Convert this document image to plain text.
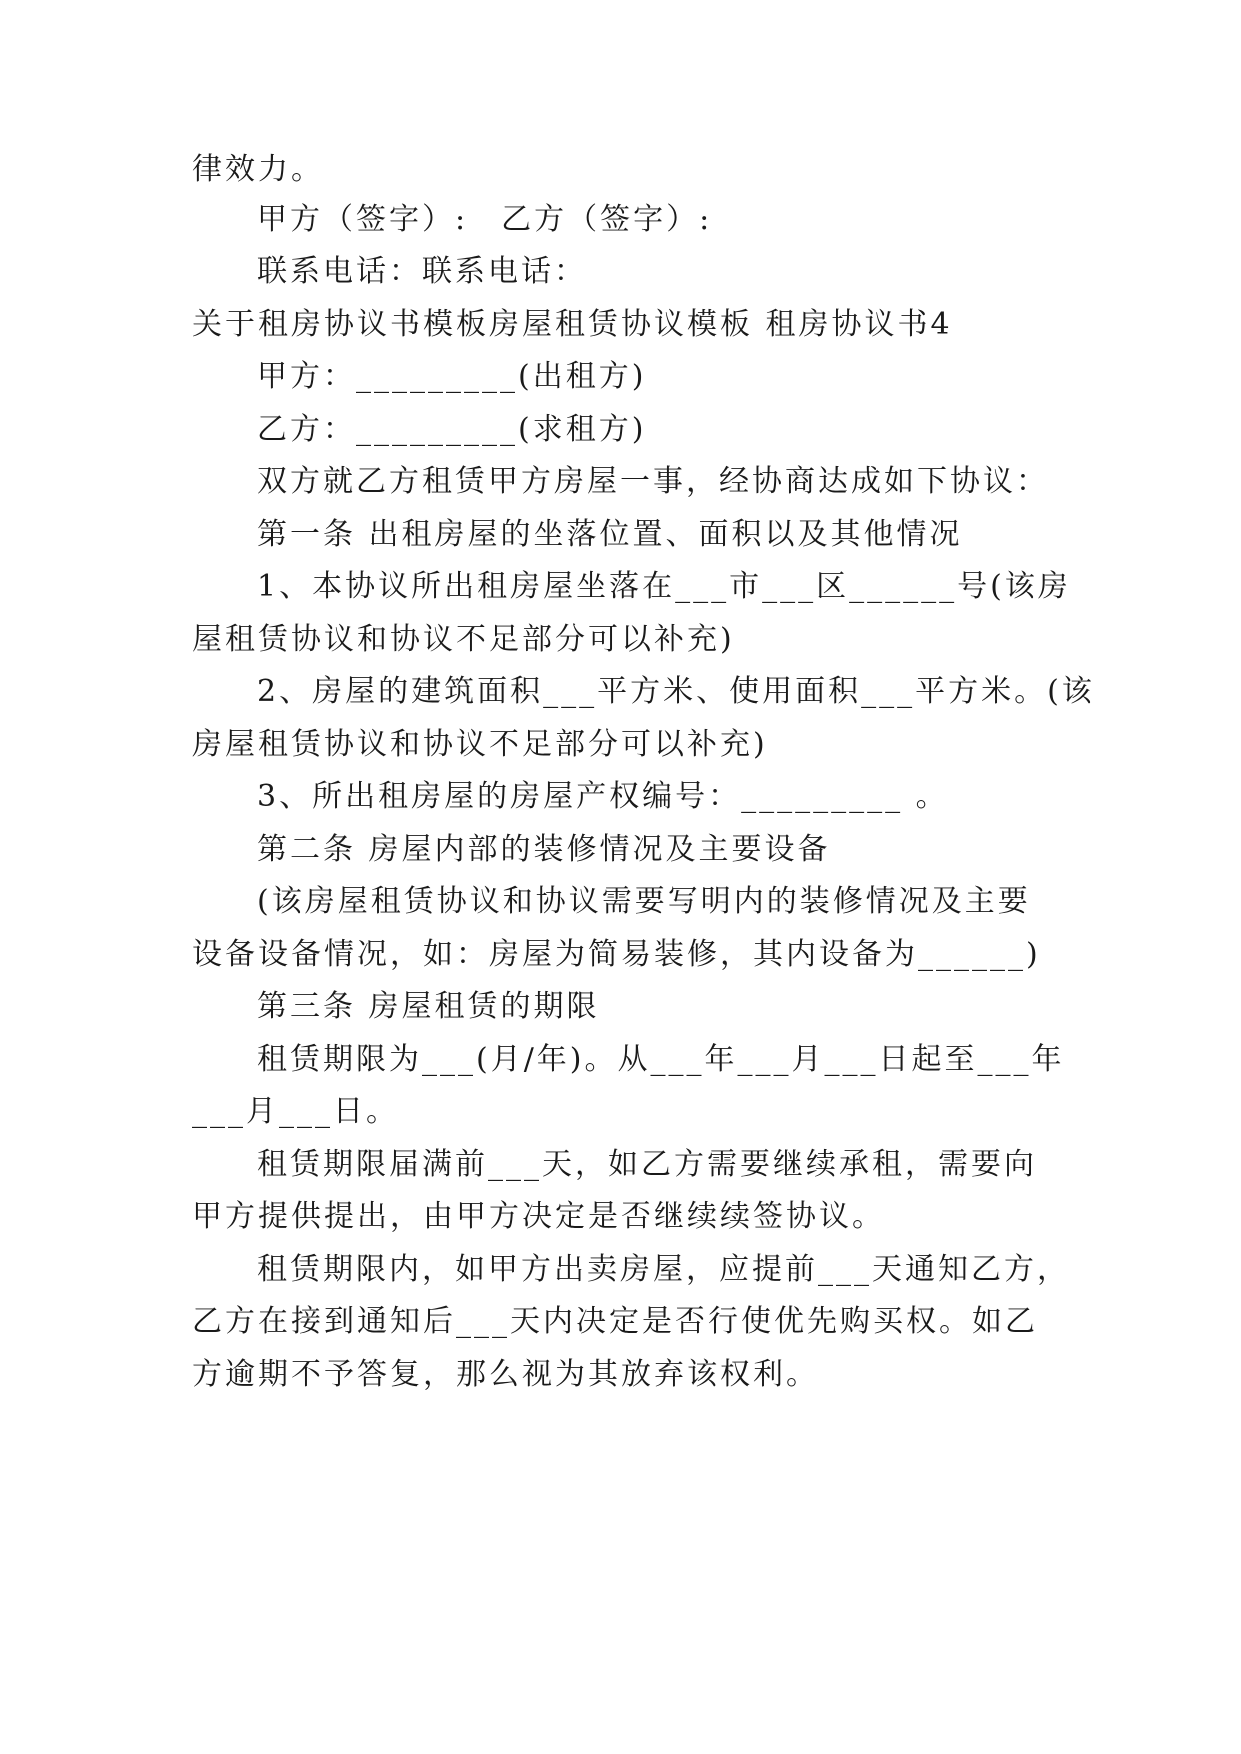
律效力。
甲方（签字）:　乙方（签字）:
联系电话：联系电话：
关于租房协议书模板房屋租赁协议模板 租房协议书4
甲方：_________(出租方)
乙方：_________(求租方)
双方就乙方租赁甲方房屋一事，经协商达成如下协议：
第一条 出租房屋的坐落位置、面积以及其他情况
1、本协议所出租房屋坐落在___市___区______号(该房
屋租赁协议和协议不足部分可以补充)
2、房屋的建筑面积___平方米、使用面积___平方米。(该
房屋租赁协议和协议不足部分可以补充)
3、所出租房屋的房屋产权编号：_________ 。
第二条 房屋内部的装修情况及主要设备
(该房屋租赁协议和协议需要写明内的装修情况及主要
设备设备情况，如：房屋为简易装修，其内设备为______)
第三条 房屋租赁的期限
租赁期限为___(月/年)。从___年___月___日起至___年
___月___日。
租赁期限届满前___天，如乙方需要继续承租，需要向
甲方提供提出，由甲方决定是否继续续签协议。
租赁期限内，如甲方出卖房屋，应提前___天通知乙方，
乙方在接到通知后___天内决定是否行使优先购买权。如乙
方逾期不予答复，那么视为其放弃该权利。
